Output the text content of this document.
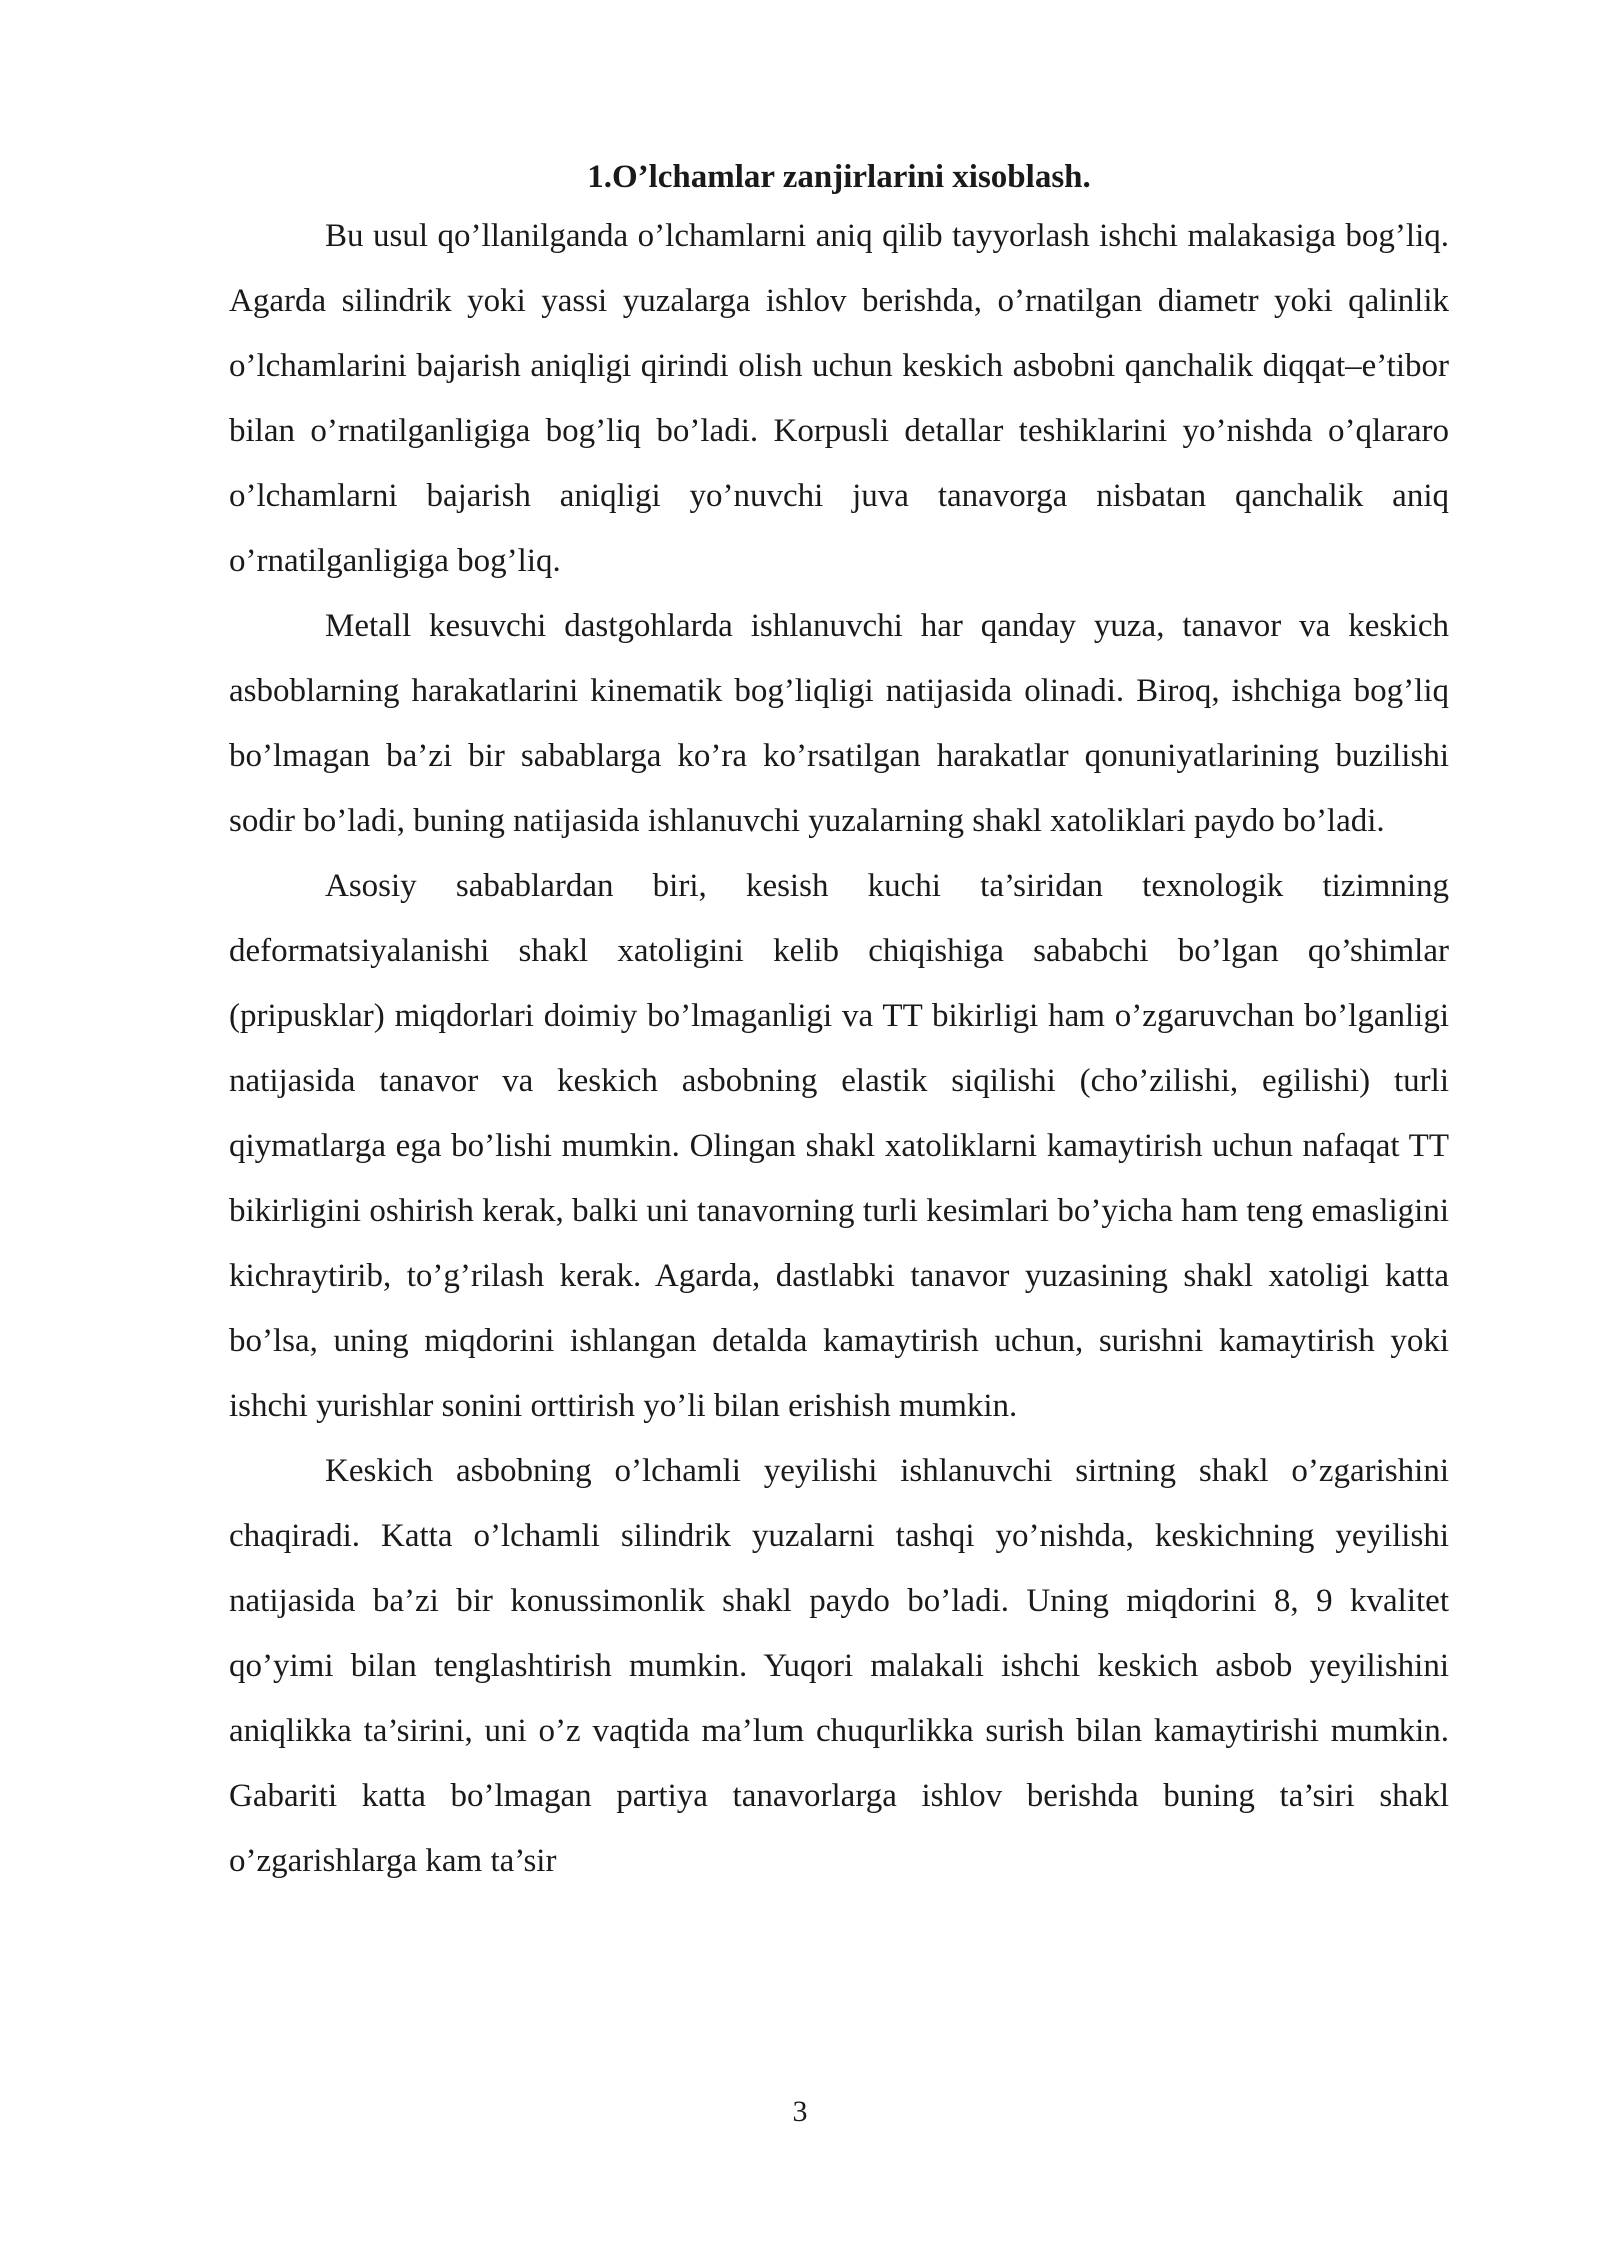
1.O’lchamlar zanjirlarini xisoblash.

Bu usul qo’llanilganda o’lchamlarni aniq qilib tayyorlash ishchi malakasiga bog’liq. Agarda silindrik yoki yassi yuzalarga ishlov berishda, o’rnatilgan diametr yoki qalinlik o’lchamlarini bajarish aniqligi qirindi olish uchun keskich asbobni qanchalik diqqat–e’tibor bilan o’rnatilganligiga bog’liq bo’ladi. Korpusli detallar teshiklarini yo’nishda o’qlararo o’lchamlarni bajarish aniqligi yo’nuvchi juva tanavorga nisbatan qanchalik aniq o’rnatilganligiga bog’liq.

Metall kesuvchi dastgohlarda ishlanuvchi har qanday yuza, tanavor va keskich asboblarning harakatlarini kinematik bog’liqligi natijasida olinadi. Biroq, ishchiga bog’liq bo’lmagan ba’zi bir sabablarga ko’ra ko’rsatilgan harakatlar qonuniyatlarining buzilishi sodir bo’ladi, buning natijasida ishlanuvchi yuzalarning shakl xatoliklari paydo bo’ladi.

Asosiy sabablardan biri, kesish kuchi ta’siridan texnologik tizimning deformatsiyalanishi shakl xatoligini kelib chiqishiga sababchi bo’lgan qo’shimlar (pripusklar) miqdorlari doimiy bo’lmaganligi va TT bikirligi ham o’zgaruvchan bo’lganligi natijasida tanavor va keskich asbobning elastik siqilishi (cho’zilishi, egilishi) turli qiymatlarga ega bo’lishi mumkin. Olingan shakl xatoliklarni kamaytirish uchun nafaqat TT bikirligini oshirish kerak, balki uni tanavorning turli kesimlari bo’yicha ham teng emasligini kichraytirib, to’g’rilash kerak. Agarda, dastlabki tanavor yuzasining shakl xatoligi katta bo’lsa, uning miqdorini ishlangan detalda kamaytirish uchun, surishni kamaytirish yoki ishchi yurishlar sonini orttirish yo’li bilan erishish mumkin.

Keskich asbobning o’lchamli yeyilishi ishlanuvchi sirtning shakl o’zgarishini chaqiradi. Katta o’lchamli silindrik yuzalarni tashqi yo’nishda, keskichning yeyilishi natijasida ba’zi bir konussimonlik shakl paydo bo’ladi. Uning miqdorini 8, 9 kvalitet qo’yimi bilan tenglashtirish mumkin. Yuqori malakali ishchi keskich asbob yeyilishini aniqlikka ta’sirini, uni o’z vaqtida ma’lum chuqurlikka surish bilan kamaytirishi mumkin. Gabariti katta bo’lmagan partiya tanavorlarga ishlov berishda buning ta’siri shakl o’zgarishlarga kam ta’sir

3
